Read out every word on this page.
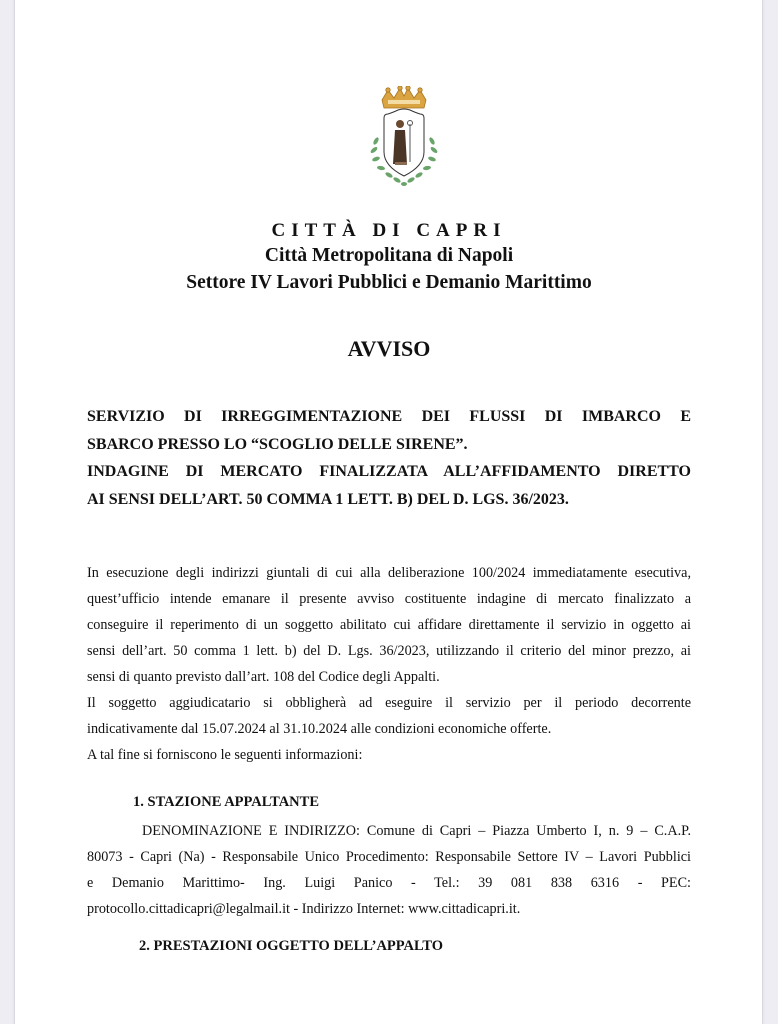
CITTÀ DI CAPRI
Città Metropolitana di Napoli
Settore IV Lavori Pubblici e Demanio Marittimo
AVVISO
SERVIZIO DI IRREGGIMENTAZIONE DEI FLUSSI DI IMBARCO E
SBARCO PRESSO LO “SCOGLIO DELLE SIRENE”.
INDAGINE DI MERCATO FINALIZZATA ALL’AFFIDAMENTO DIRETTO
AI SENSI DELL’ART. 50 COMMA 1 LETT. B) DEL D. LGS. 36/2023.
In esecuzione degli indirizzi giuntali di cui alla deliberazione 100/2024 immediatamente esecutiva,
quest’ufficio intende emanare il presente avviso costituente indagine di mercato finalizzato a
conseguire il reperimento di un soggetto abilitato cui affidare direttamente il servizio in oggetto ai
sensi dell’art. 50 comma 1 lett. b) del D. Lgs. 36/2023, utilizzando il criterio del minor prezzo, ai
sensi di quanto previsto dall’art. 108 del Codice degli Appalti.
Il soggetto aggiudicatario si obbligherà ad eseguire il servizio per il periodo decorrente
indicativamente dal 15.07.2024 al 31.10.2024 alle condizioni economiche offerte.
A tal fine si forniscono le seguenti informazioni:
1. STAZIONE APPALTANTE
DENOMINAZIONE E INDIRIZZO: Comune di Capri – Piazza Umberto I, n. 9 – C.A.P.
80073 - Capri (Na) - Responsabile Unico Procedimento: Responsabile Settore IV – Lavori Pubblici
e Demanio Marittimo- Ing. Luigi Panico - Tel.: 39 081 838 6316 - PEC:
protocollo.cittadicapri@legalmail.it - Indirizzo Internet: www.cittadicapri.it.
2. PRESTAZIONI OGGETTO DELL’APPALTO
